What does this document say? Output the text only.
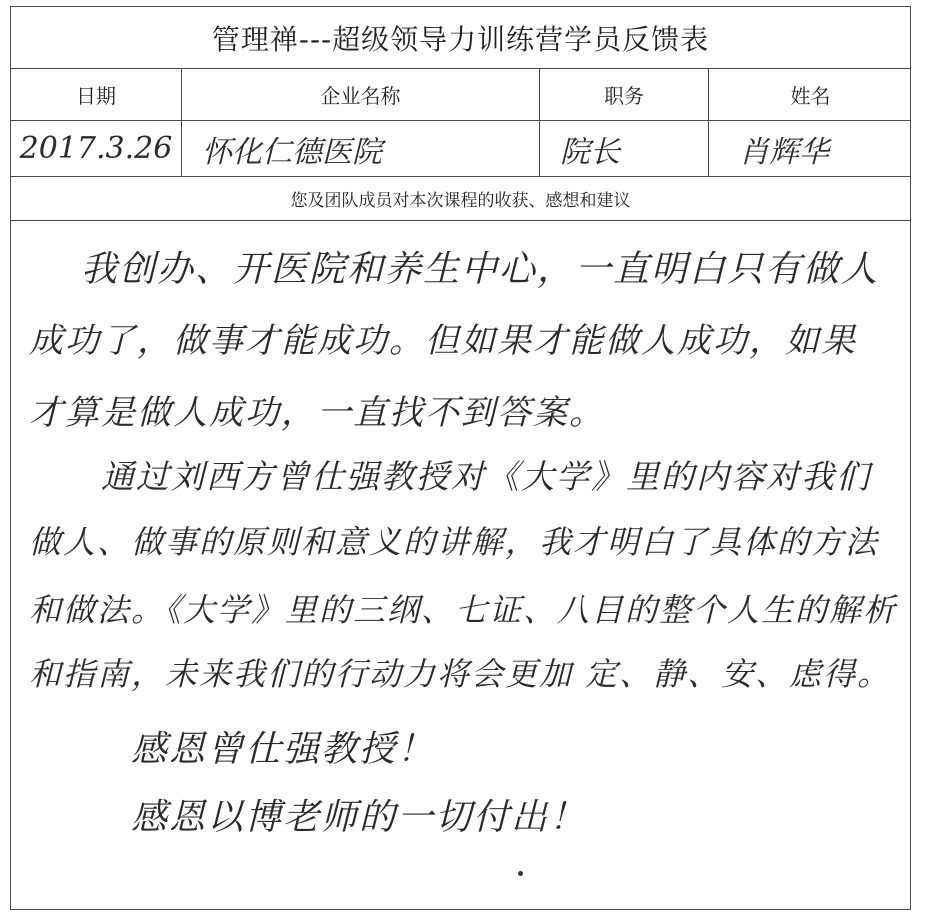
管理禅---超级领导力训练营学员反馈表
日期	企业名称	职务	姓名
2017.3.26 怀化仁德医院	院长	肖辉华
您及团队成员对本次课程的收获、感想和建议
我创办、开医院和养生中心，一直明白只有做人
成功了，做事才能成功。但如果才能做人成功，如果
才算是做人成功，一直找不到答案。
通过刘西方曾仕强教授对《大学》里的内容对我们
做人、做事的原则和意义的讲解，我才明白了具体的方法
和做法。《大学》里的三纲、七证、八目的整个人生的解析
和指南，未来我们的行动力将会更加 定、静、安、虑得。
感恩曾仕强教授！
感恩以博老师的一切付出！
